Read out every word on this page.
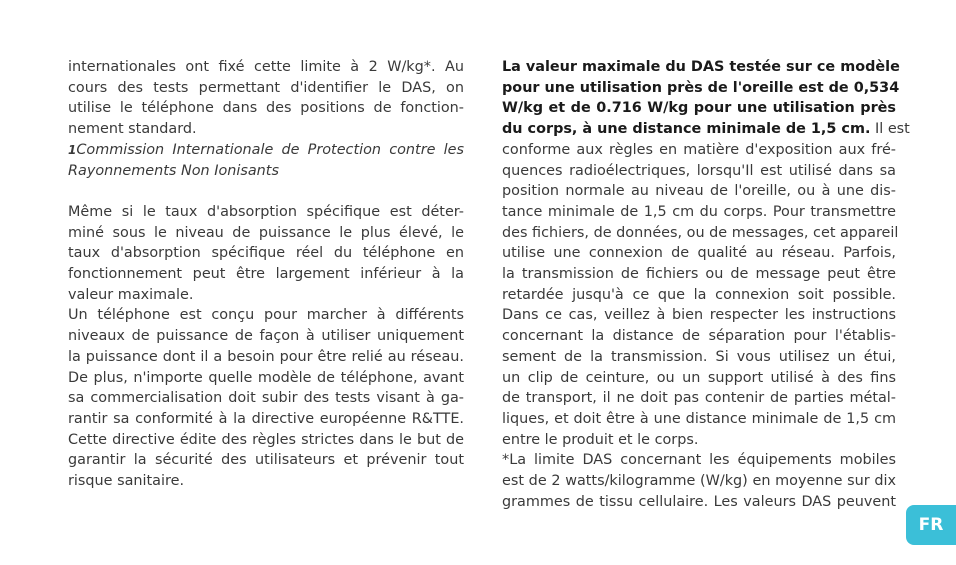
internationales ont fixé cette limite à 2 W/kg*. Au
cours des tests permettant d'identifier le DAS, on
utilise le téléphone dans des positions de fonction-
nement standard.
1Commission Internationale de Protection contre les
Rayonnements Non Ionisants
Même si le taux d'absorption spécifique est déter-
miné sous le niveau de puissance le plus élevé, le
taux d'absorption spécifique réel du téléphone en
fonctionnement peut être largement inférieur à la
valeur maximale.
Un téléphone est conçu pour marcher à différents
niveaux de puissance de façon à utiliser uniquement
la puissance dont il a besoin pour être relié au réseau.
De plus, n'importe quelle modèle de téléphone, avant
sa commercialisation doit subir des tests visant à ga-
rantir sa conformité à la directive européenne R&TTE.
Cette directive édite des règles strictes dans le but de
garantir la sécurité des utilisateurs et prévenir tout
risque sanitaire.
La valeur maximale du DAS testée sur ce modèle
pour une utilisation près de l'oreille est de 0,534
W/kg et de 0.716 W/kg pour une utilisation près
du corps, à une distance minimale de 1,5 cm. Il est
conforme aux règles en matière d'exposition aux fré-
quences radioélectriques, lorsqu'Il est utilisé dans sa
position normale au niveau de l'oreille, ou à une dis-
tance minimale de 1,5 cm du corps. Pour transmettre
des fichiers, de données, ou de messages, cet appareil
utilise une connexion de qualité au réseau. Parfois,
la transmission de fichiers ou de message peut être
retardée jusqu'à ce que la connexion soit possible.
Dans ce cas, veillez à bien respecter les instructions
concernant la distance de séparation pour l'établis-
sement de la transmission. Si vous utilisez un étui,
un clip de ceinture, ou un support utilisé à des fins
de transport, il ne doit pas contenir de parties métal-
liques, et doit être à une distance minimale de 1,5 cm
entre le produit et le corps.
*La limite DAS concernant les équipements mobiles
est de 2 watts/kilogramme (W/kg) en moyenne sur dix
grammes de tissu cellulaire. Les valeurs DAS peuvent
FR
